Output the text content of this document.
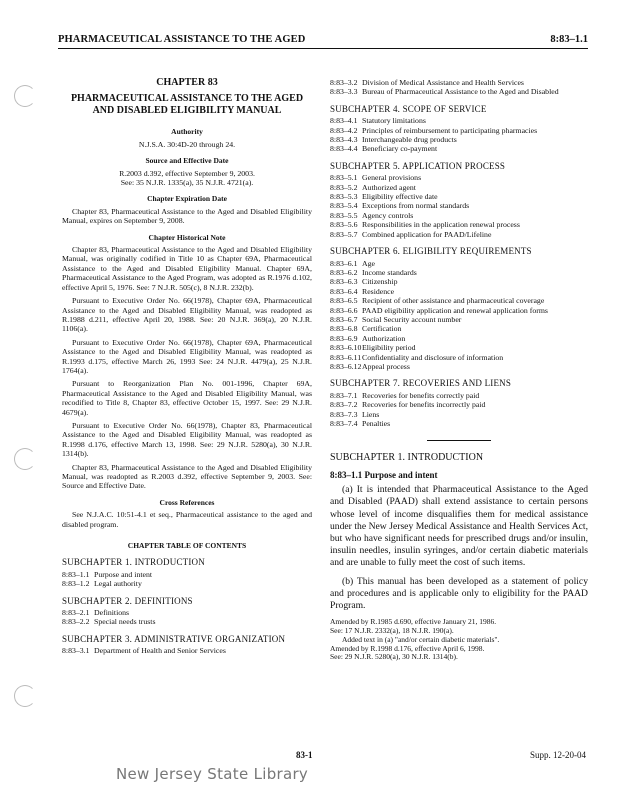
PHARMACEUTICAL ASSISTANCE TO THE AGED	8:83–1.1
CHAPTER 83
PHARMACEUTICAL ASSISTANCE TO THE AGED
AND DISABLED ELIGIBILITY MANUAL
Authority

N.J.S.A. 30:4D-20 through 24.

Source and Effective Date

R.2003 d.392, effective September 9, 2003.

See: 35 N.J.R. 1335(a), 35 N.J.R. 4721(a).

Chapter Expiration Date

Chapter 83, Pharmaceutical Assistance to the Aged and Disabled Eligibility Manual, expires on September 9, 2008.

Chapter Historical Note

Chapter 83, Pharmaceutical Assistance to the Aged and Disabled Eligibility Manual, was originally codified in Title 10 as Chapter 69A, Pharmaceutical Assistance to the Aged and Disabled Eligibility Manual. Chapter 69A, Pharmaceutical Assistance to the Aged Program, was adopted as R.1976 d.102, effective April 5, 1976. See: 7 N.J.R. 505(c), 8 N.J.R. 232(b).

Pursuant to Executive Order No. 66(1978), Chapter 69A, Pharmaceutical Assistance to the Aged and Disabled Eligibility Manual, was readopted as R.1988 d.211, effective April 20, 1988. See: 20 N.J.R. 369(a), 20 N.J.R. 1106(a).

Pursuant to Executive Order No. 66(1978), Chapter 69A, Pharmaceutical Assistance to the Aged and Disabled Eligibility Manual, was readopted as R.1993 d.175, effective March 26, 1993 See: 24 N.J.R. 4479(a), 25 N.J.R. 1764(a).

Pursuant to Reorganization Plan No. 001-1996, Chapter 69A, Pharmaceutical Assistance to the Aged and Disabled Eligibility Manual, was recodified to Title 8, Chapter 83, effective October 15, 1997. See: 29 N.J.R. 4679(a).

Pursuant to Executive Order No. 66(1978), Chapter 83, Pharmaceutical Assistance to the Aged and Disabled Eligibility Manual, was readopted as R.1998 d.176, effective March 13, 1998. See: 29 N.J.R. 5280(a), 30 N.J.R. 1314(b).

Chapter 83, Pharmaceutical Assistance to the Aged and Disabled Eligibility Manual, was readopted as R.2003 d.392, effective September 9, 2003. See: Source and Effective Date.

Cross References

See N.J.A.C. 10:51-4.1 et seq., Pharmaceutical assistance to the aged and disabled program.

CHAPTER TABLE OF CONTENTS
SUBCHAPTER 1. INTRODUCTION
8:83–1.1 Purpose and intent
8:83–1.2 Legal authority
SUBCHAPTER 2. DEFINITIONS
8:83–2.1 Definitions
8:83–2.2 Special needs trusts
SUBCHAPTER 3. ADMINISTRATIVE ORGANIZATION
8:83–3.1 Department of Health and Senior Services
8:83–3.2 Division of Medical Assistance and Health Services
8:83–3.3 Bureau of Pharmaceutical Assistance to the Aged and Disabled
SUBCHAPTER 4. SCOPE OF SERVICE
8:83–4.1 Statutory limitations
8:83–4.2 Principles of reimbursement to participating pharmacies
8:83–4.3 Interchangeable drug products
8:83–4.4 Beneficiary co-payment
SUBCHAPTER 5. APPLICATION PROCESS
8:83–5.1 General provisions
8:83–5.2 Authorized agent
8:83–5.3 Eligibility effective date
8:83–5.4 Exceptions from normal standards
8:83–5.5 Agency controls
8:83–5.6 Responsibilities in the application renewal process
8:83–5.7 Combined application for PAAD/Lifeline
SUBCHAPTER 6. ELIGIBILITY REQUIREMENTS
8:83–6.1 Age
8:83–6.2 Income standards
8:83–6.3 Citizenship
8:83–6.4 Residence
8:83–6.5 Recipient of other assistance and pharmaceutical coverage
8:83–6.6 PAAD eligibility application and renewal application forms
8:83–6.7 Social Security account number
8:83–6.8 Certification
8:83–6.9 Authorization
8:83–6.10 Eligibility period
8:83–6.11 Confidentiality and disclosure of information
8:83–6.12 Appeal process
SUBCHAPTER 7. RECOVERIES AND LIENS
8:83–7.1 Recoveries for benefits correctly paid
8:83–7.2 Recoveries for benefits incorrectly paid
8:83–7.3 Liens
8:83–7.4 Penalties
SUBCHAPTER 1. INTRODUCTION
8:83–1.1 Purpose and intent

(a) It is intended that Pharmaceutical Assistance to the Aged and Disabled (PAAD) shall extend assistance to certain persons whose level of income disqualifies them for medical assistance under the New Jersey Medical Assistance and Health Services Act, but who have significant needs for prescribed drugs and/or insulin, insulin needles, insulin syringes, and/or certain diabetic materials and are unable to fully meet the cost of such items.

(b) This manual has been developed as a statement of policy and procedures and is applicable only to eligibility for the PAAD Program.

Amended by R.1985 d.690, effective January 21, 1986.
See: 17 N.J.R. 2332(a), 18 N.J.R. 190(a).
Added text in (a) "and/or certain diabetic materials".
Amended by R.1998 d.176, effective April 6, 1998.
See: 29 N.J.R. 5280(a), 30 N.J.R. 1314(b).
83-1	Supp. 12-20-04
New Jersey State Library
